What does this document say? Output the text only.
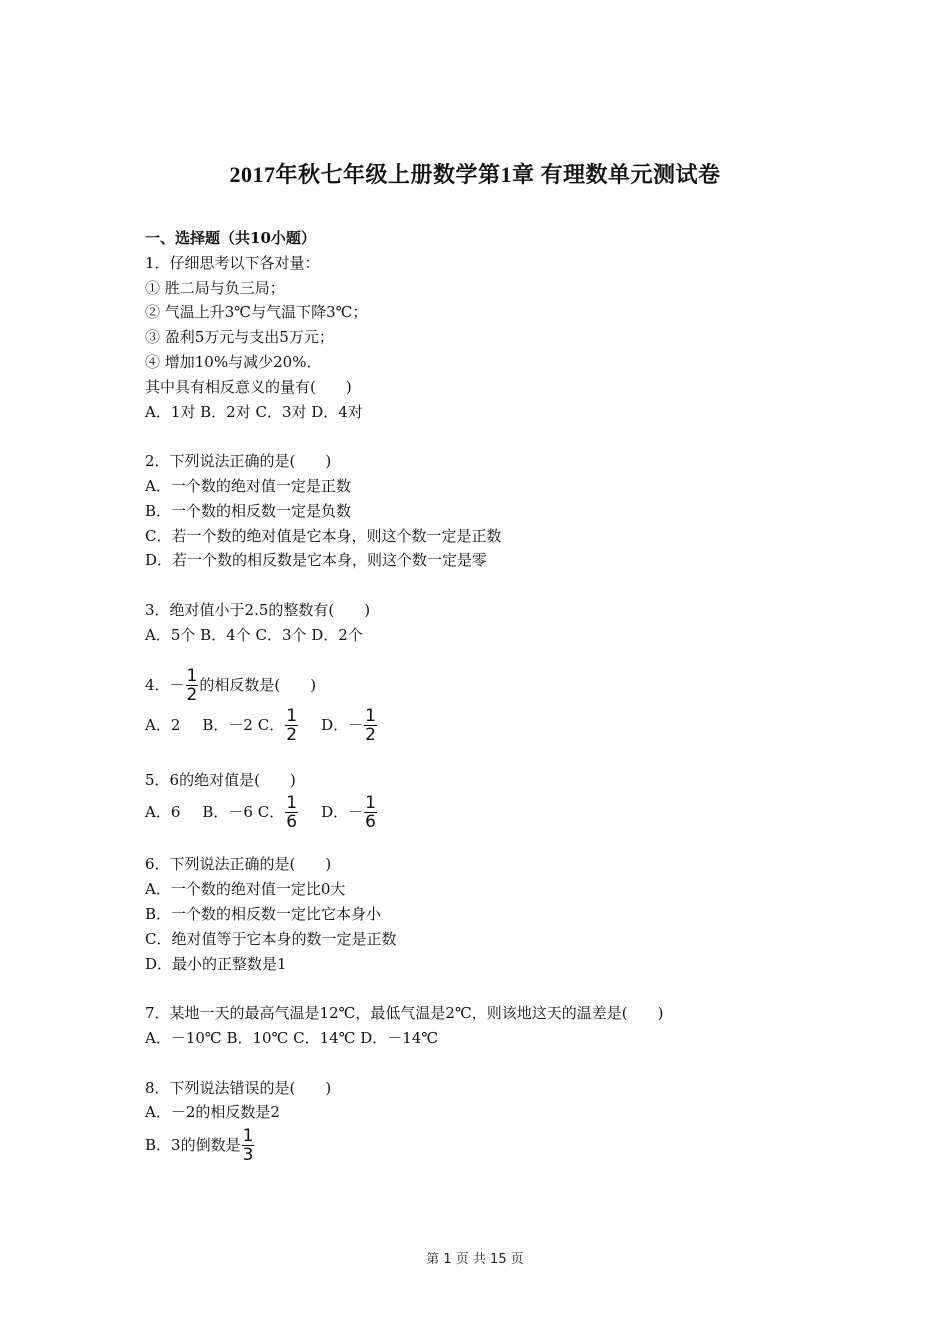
2017年秋七年级上册数学第1章 有理数单元测试卷
一、选择题（共10小题）
1．仔细思考以下各对量：
① 胜二局与负三局；
② 气温上升3℃与气温下降3℃；
③ 盈利5万元与支出5万元；
④ 增加10%与减少20%．
其中具有相反意义的量有(　　)
A．1对 B．2对 C．3对 D．4对
2．下列说法正确的是(　　)
A．一个数的绝对值一定是正数
B．一个数的相反数一定是负数
C．若一个数的绝对值是它本身，则这个数一定是正数
D．若一个数的相反数是它本身，则这个数一定是零
3．绝对值小于2.5的整数有(　　)
A．5个 B．4个 C．3个 D．2个
4．－ $\frac{1}{2}$ 的相反数是(　　)
A．2 B．－2
C． $\frac{1}{2}$ D．－ $\frac{1}{2}$
5．6的绝对值是(　　)
A．6 B．－6
C． $\frac{1}{6}$ D．－ $\frac{1}{6}$
6．下列说法正确的是(　　)
A．一个数的绝对值一定比0大
B．一个数的相反数一定比它本身小
C．绝对值等于它本身的数一定是正数
D．最小的正整数是1
7．某地一天的最高气温是12℃，最低气温是2℃，则该地这天的温差是(　　)
A．－10℃ B．10℃ C．14℃ D．－14℃
8．下列说法错误的是(　　)
A．－2的相反数是2
B．3的倒数是 $\frac{1}{3}$
第 1 页 共 15 页
